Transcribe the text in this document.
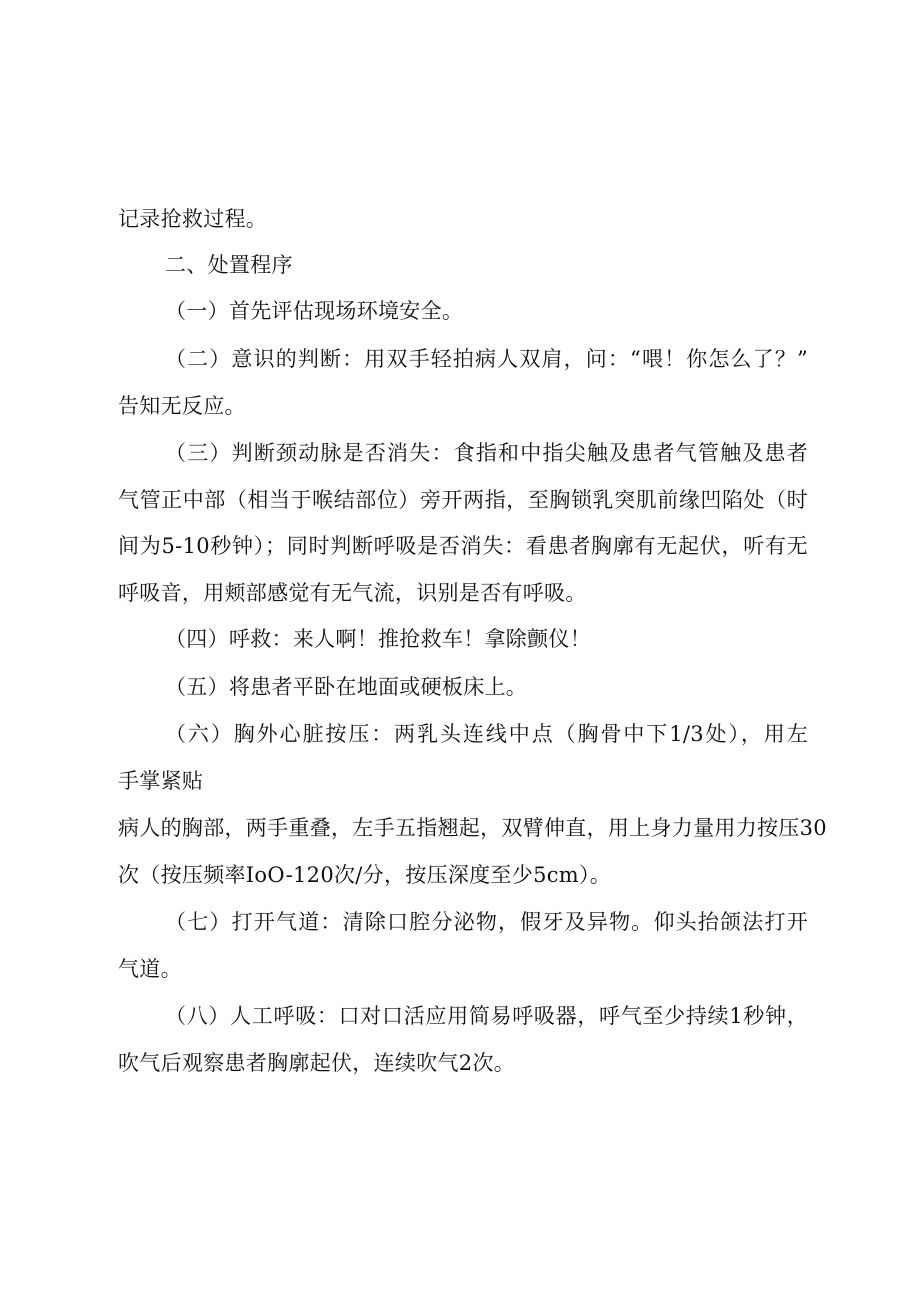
记录抢救过程。
二、处置程序
（一）首先评估现场环境安全。
（二）意识的判断：用双手轻拍病人双肩，问：“喂！你怎么了？”
告知无反应。
（三）判断颈动脉是否消失：食指和中指尖触及患者气管触及患者
气管正中部（相当于喉结部位）旁开两指，至胸锁乳突肌前缘凹陷处（时
间为5-10秒钟）；同时判断呼吸是否消失：看患者胸廓有无起伏，听有无
呼吸音，用颊部感觉有无气流，识别是否有呼吸。
（四）呼救：来人啊！推抢救车！拿除颤仪！
（五）将患者平卧在地面或硬板床上。
（六）胸外心脏按压：两乳头连线中点（胸骨中下1/3处），用左
手掌紧贴
病人的胸部，两手重叠，左手五指翘起，双臂伸直，用上身力量用力按压30
次（按压频率IoO-120次/分，按压深度至少5cm）。
（七）打开气道：清除口腔分泌物，假牙及异物。仰头抬颌法打开
气道。
（八）人工呼吸：口对口活应用简易呼吸器，呼气至少持续1秒钟，
吹气后观察患者胸廓起伏，连续吹气2次。
